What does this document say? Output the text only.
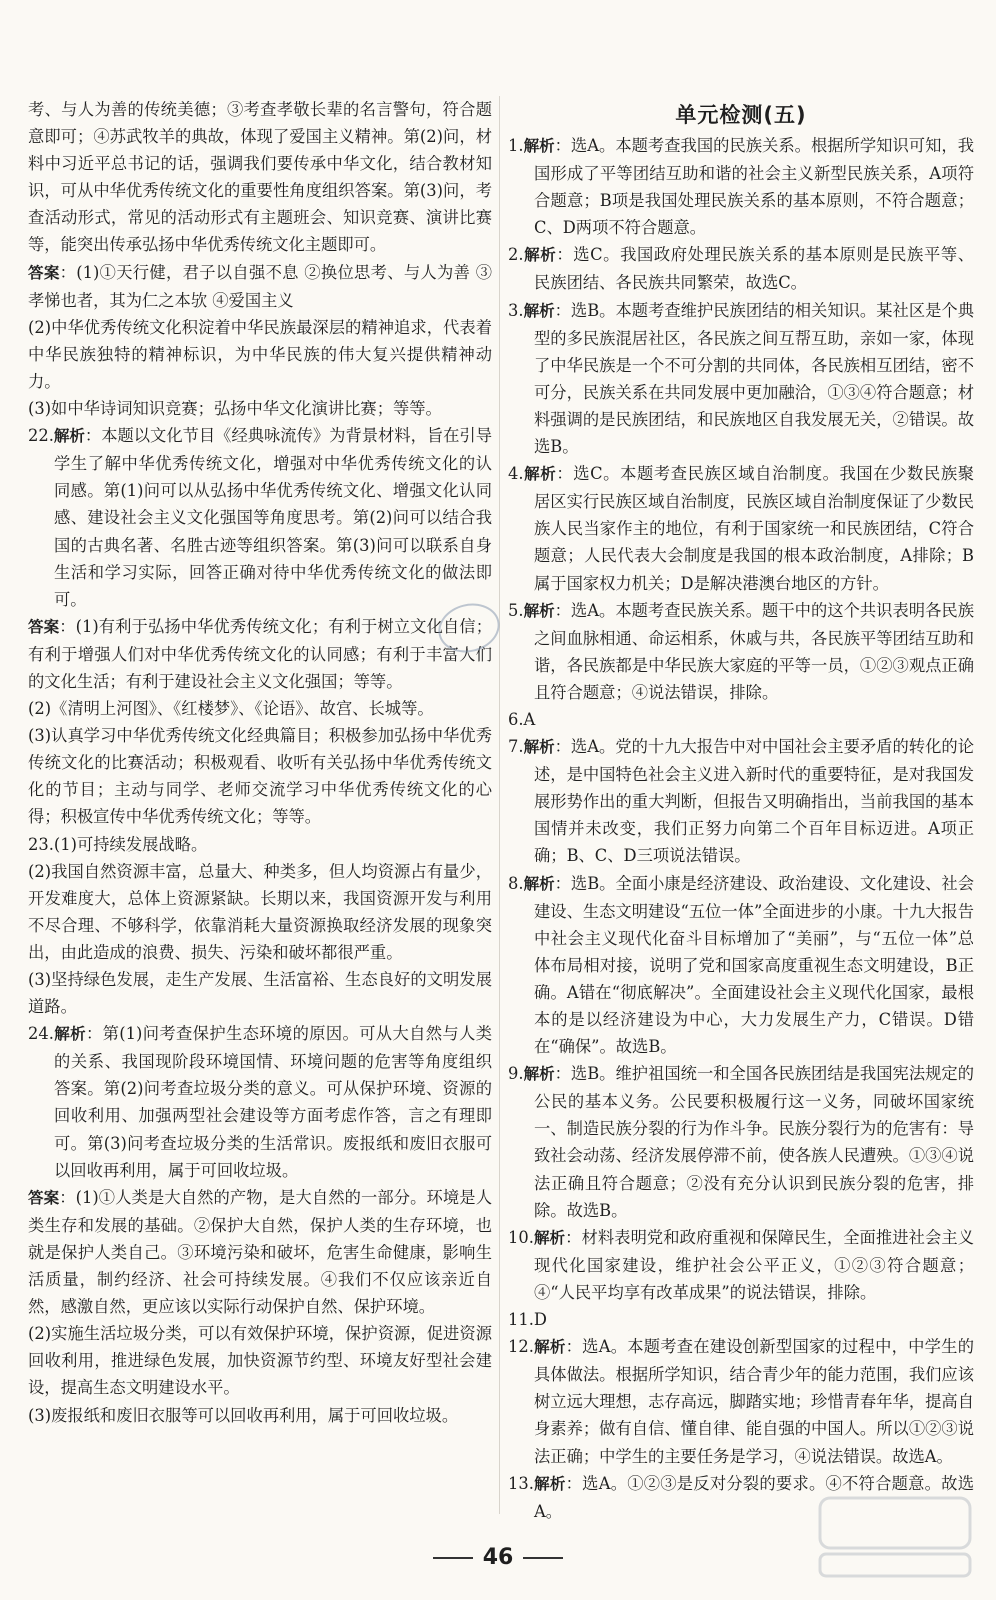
考、与人为善的传统美德；③考查孝敬长辈的名言警句，符合题意即可；④苏武牧羊的典故，体现了爱国主义精神。第(2)问，材料中习近平总书记的话，强调我们要传承中华文化，结合教材知识，可从中华优秀传统文化的重要性角度组织答案。第(3)问，考查活动形式，常见的活动形式有主题班会、知识竞赛、演讲比赛等，能突出传承弘扬中华优秀传统文化主题即可。

答案：(1)①天行健，君子以自强不息 ②换位思考、与人为善 ③孝悌也者，其为仁之本欤 ④爱国主义

(2)中华优秀传统文化积淀着中华民族最深层的精神追求，代表着中华民族独特的精神标识，为中华民族的伟大复兴提供精神动力。

(3)如中华诗词知识竞赛；弘扬中华文化演讲比赛；等等。

22.解析：本题以文化节目《经典咏流传》为背景材料，旨在引导学生了解中华优秀传统文化，增强对中华优秀传统文化的认同感。第(1)问可以从弘扬中华优秀传统文化、增强文化认同感、建设社会主义文化强国等角度思考。第(2)问可以结合我国的古典名著、名胜古迹等组织答案。第(3)问可以联系自身生活和学习实际，回答正确对待中华优秀传统文化的做法即可。

答案：(1)有利于弘扬中华优秀传统文化；有利于树立文化自信；有利于增强人们对中华优秀传统文化的认同感；有利于丰富人们的文化生活；有利于建设社会主义文化强国；等等。

(2)《清明上河图》、《红楼梦》、《论语》、故宫、长城等。

(3)认真学习中华优秀传统文化经典篇目；积极参加弘扬中华优秀传统文化的比赛活动；积极观看、收听有关弘扬中华优秀传统文化的节目；主动与同学、老师交流学习中华优秀传统文化的心得；积极宣传中华优秀传统文化；等等。

23.(1)可持续发展战略。

(2)我国自然资源丰富，总量大、种类多，但人均资源占有量少，开发难度大，总体上资源紧缺。长期以来，我国资源开发与利用不尽合理、不够科学，依靠消耗大量资源换取经济发展的现象突出，由此造成的浪费、损失、污染和破坏都很严重。

(3)坚持绿色发展，走生产发展、生活富裕、生态良好的文明发展道路。

24.解析：第(1)问考查保护生态环境的原因。可从大自然与人类的关系、我国现阶段环境国情、环境问题的危害等角度组织答案。第(2)问考查垃圾分类的意义。可从保护环境、资源的回收利用、加强两型社会建设等方面考虑作答，言之有理即可。第(3)问考查垃圾分类的生活常识。废报纸和废旧衣服可以回收再利用，属于可回收垃圾。

答案：(1)①人类是大自然的产物，是大自然的一部分。环境是人类生存和发展的基础。②保护大自然，保护人类的生存环境，也就是保护人类自己。③环境污染和破坏，危害生命健康，影响生活质量，制约经济、社会可持续发展。④我们不仅应该亲近自然，感激自然，更应该以实际行动保护自然、保护环境。

(2)实施生活垃圾分类，可以有效保护环境，保护资源，促进资源回收利用，推进绿色发展，加快资源节约型、环境友好型社会建设，提高生态文明建设水平。

(3)废报纸和废旧衣服等可以回收再利用，属于可回收垃圾。

单元检测(五)

1.解析：选A。本题考查我国的民族关系。根据所学知识可知，我国形成了平等团结互助和谐的社会主义新型民族关系，A项符合题意；B项是我国处理民族关系的基本原则，不符合题意；C、D两项不符合题意。

2.解析：选C。我国政府处理民族关系的基本原则是民族平等、民族团结、各民族共同繁荣，故选C。

3.解析：选B。本题考查维护民族团结的相关知识。某社区是个典型的多民族混居社区，各民族之间互帮互助，亲如一家，体现了中华民族是一个不可分割的共同体，各民族相互团结，密不可分，民族关系在共同发展中更加融洽，①③④符合题意；材料强调的是民族团结，和民族地区自我发展无关，②错误。故选B。

4.解析：选C。本题考查民族区域自治制度。我国在少数民族聚居区实行民族区域自治制度，民族区域自治制度保证了少数民族人民当家作主的地位，有利于国家统一和民族团结，C符合题意；人民代表大会制度是我国的根本政治制度，A排除；B属于国家权力机关；D是解决港澳台地区的方针。

5.解析：选A。本题考查民族关系。题干中的这个共识表明各民族之间血脉相通、命运相系，休戚与共，各民族平等团结互助和谐，各民族都是中华民族大家庭的平等一员，①②③观点正确且符合题意；④说法错误，排除。

6.A

7.解析：选A。党的十九大报告中对中国社会主要矛盾的转化的论述，是中国特色社会主义进入新时代的重要特征，是对我国发展形势作出的重大判断，但报告又明确指出，当前我国的基本国情并未改变，我们正努力向第二个百年目标迈进。A项正确；B、C、D三项说法错误。

8.解析：选B。全面小康是经济建设、政治建设、文化建设、社会建设、生态文明建设“五位一体”全面进步的小康。十九大报告中社会主义现代化奋斗目标增加了“美丽”，与“五位一体”总体布局相对接，说明了党和国家高度重视生态文明建设，B正确。A错在“彻底解决”。全面建设社会主义现代化国家，最根本的是以经济建设为中心，大力发展生产力，C错误。D错在“确保”。故选B。

9.解析：选B。维护祖国统一和全国各民族团结是我国宪法规定的公民的基本义务。公民要积极履行这一义务，同破坏国家统一、制造民族分裂的行为作斗争。民族分裂行为的危害有：导致社会动荡、经济发展停滞不前，使各族人民遭殃。①③④说法正确且符合题意；②没有充分认识到民族分裂的危害，排除。故选B。

10.解析：材料表明党和政府重视和保障民生，全面推进社会主义现代化国家建设，维护社会公平正义，①②③符合题意；④“人民平均享有改革成果”的说法错误，排除。

11.D

12.解析：选A。本题考查在建设创新型国家的过程中，中学生的具体做法。根据所学知识，结合青少年的能力范围，我们应该树立远大理想，志存高远，脚踏实地；珍惜青春年华，提高自身素养；做有自信、懂自律、能自强的中国人。所以①②③说法正确；中学生的主要任务是学习，④说法错误。故选A。

13.解析：选A。①②③是反对分裂的要求。④不符合题意。故选A。

46
